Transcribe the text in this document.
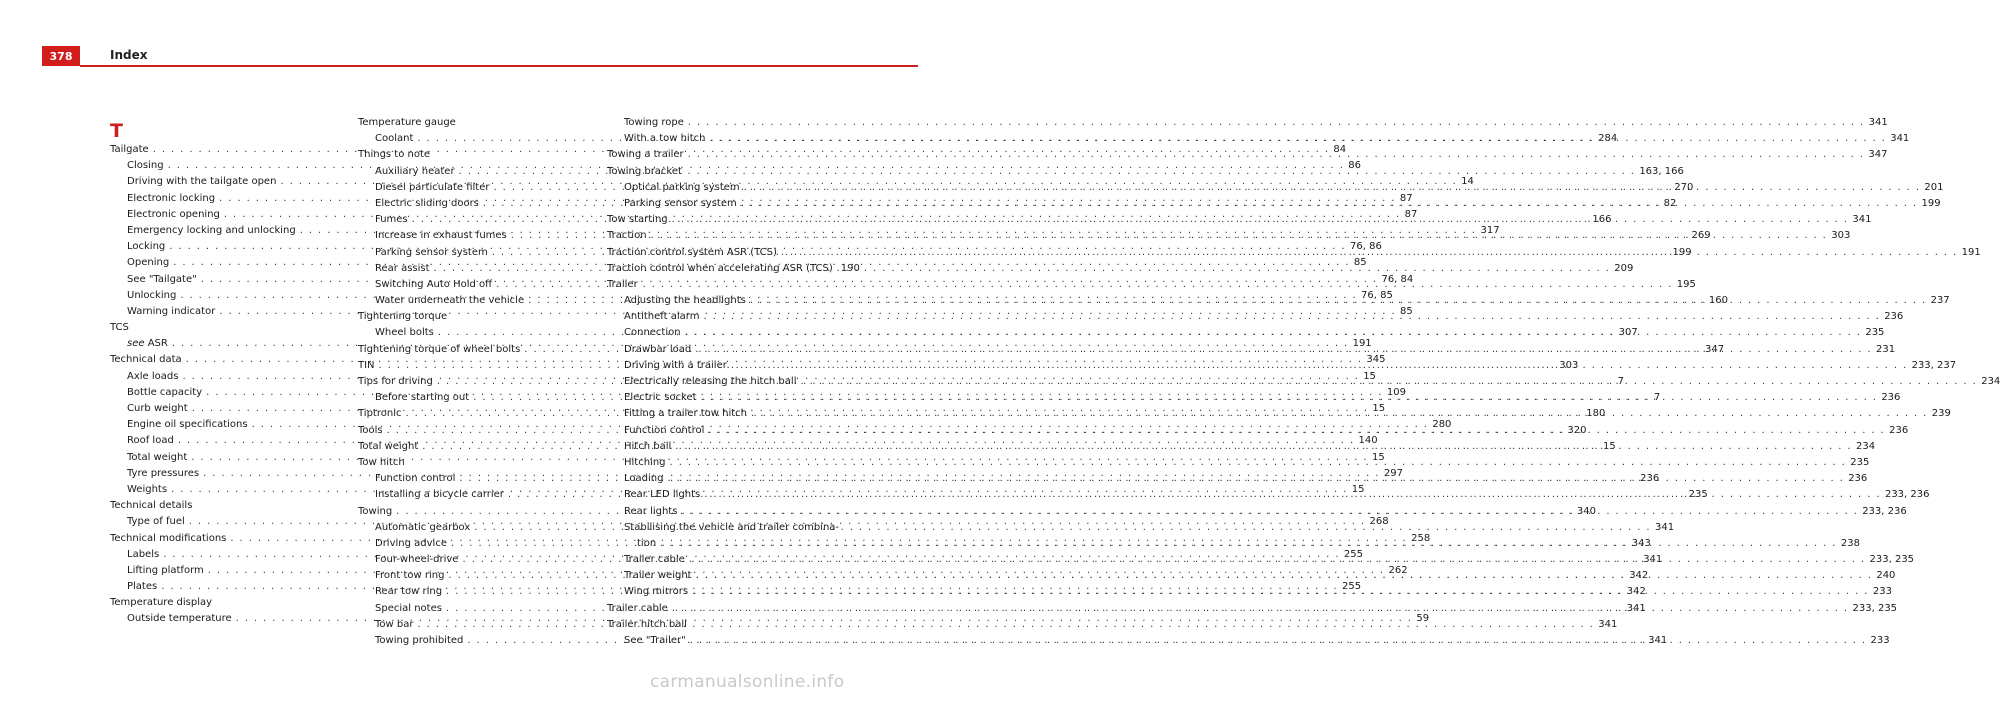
378	Index
T
Tailgate . . .	84
Closing . . .	86
Driving with the tailgate open . . .	14
Electronic locking . . .	87
Electronic opening . . .	87
Emergency locking and unlocking . . .	317
Locking . . .	76, 86
Opening . . .	85
See "Tailgate" . . .	76, 84
Unlocking . . .	76, 85
Warning indicator . . .	85
TCS
see ASR . . .	191
Technical data . . .	345
Axle loads . . .	15
Bottle capacity . . .	109
Curb weight . . .	15
Engine oil specifications . . .	280
Roof load . . .	140
Total weight . . .	15
Tyre pressures . . .	297
Weights . . .	15
Technical details
Type of fuel . . .	268
Technical modifications . . .	258
Labels . . .	255
Lifting platform . . .	262
Plates . . .	255
Temperature display
Outside temperature . . .	59
Temperature gauge
Coolant . . .	284
Things to note
Auxiliary heater . . .	163, 166
Diesel particulate filter . . .	270
Electric sliding doors . . .	82
Fumes . . .	166
Increase in exhaust fumes . . .	269
Parking sensor system . . .	199
Rear assist . . .	209
Switching Auto Hold off . . .	195
Water underneath the vehicle . . .	160
Tightening torque
Wheel bolts . . .	307
Tightening torque of wheel bolts . . .	347
TIN . . .	303
Tips for driving . . .	7
Before starting out . . .	7
Tiptronic . . .	180
Tools . . .	320
Total weight . . .	15
Tow hitch
Function control . . .	236
Installing a bicycle carrier . . .	235
Towing . . .	340
Automatic gearbox . . .	341
Driving advice . . .	343
Four-wheel-drive . . .	341
Front tow ring . . .	342
Rear tow ring . . .	342
Special notes . . .	341
Tow bar . . .	341
Towing prohibited . . .	341
Towing rope . . .	341
With a tow hitch . . .	341
Towing a trailer . . .	347
Towing bracket
Optical parking system . . .	201
Parking sensor system . . .	199
Tow starting . . .	341
Traction . . .	303
Traction control system ASR (TCS) . . .	191
Traction control when accelerating ASR (TCS) 190
Trailer
Adjusting the headlights . . .	237
Antitheft alarm . . .	236
Connection . . .	235
Drawbar load . . .	231
Driving with a trailer . . .	233, 237
Electrically releasing the hitch ball . . .	234
Electric socket . . .	236
Fitting a trailer tow hitch . . .	239
Function control . . .	236
Hitch ball . . .	234
Hitching . . .	235
Loading . . .	236
Rear LED lights . . .	233, 236
Rear lights . . .	233, 236
Stabilising the vehicle and trailer combina-
tion . . .	238
Trailer cable . . .	233, 235
Trailer weight . . .	240
Wing mirrors . . .	233
Trailer cable . . .	233, 235
Trailer hitch ball
See "Trailer" . . .	233
carmanualsonline.info
